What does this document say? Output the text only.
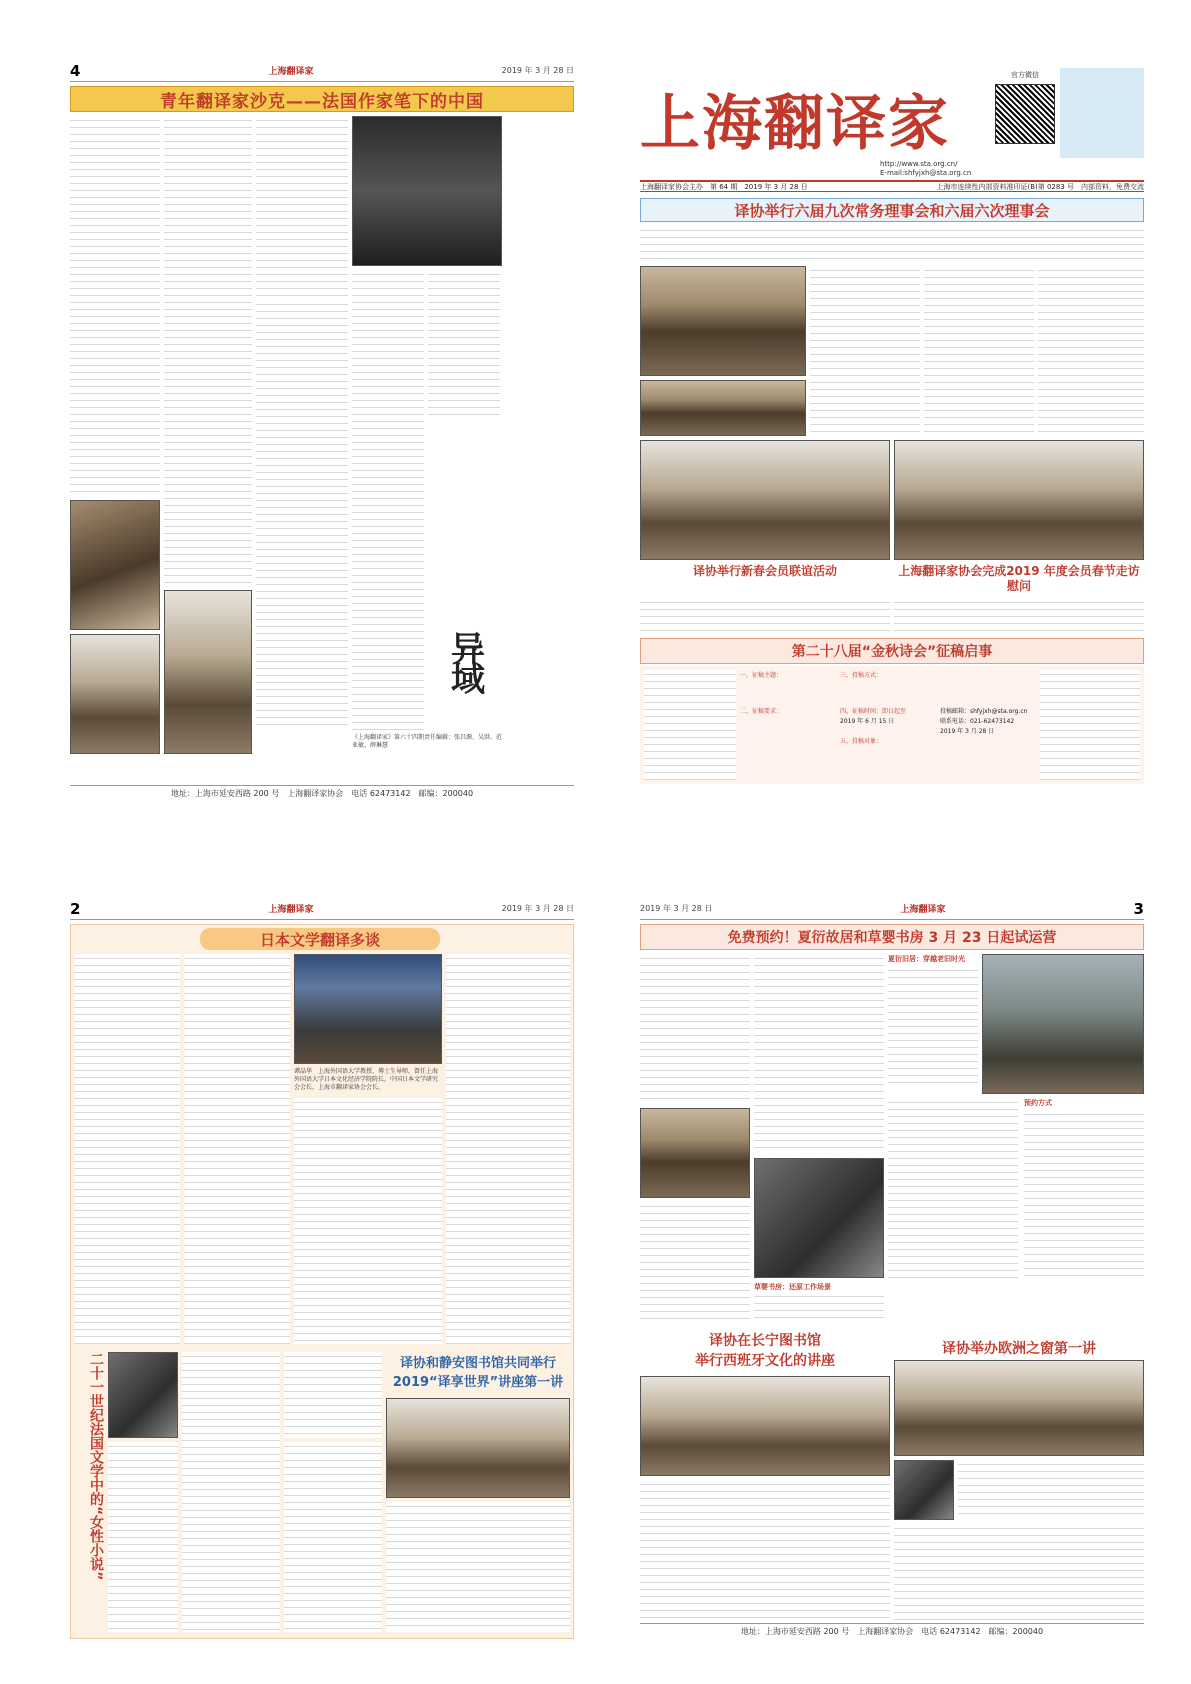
4	上海翻译家	2019 年 3 月 28 日
青年翻译家沙克——法国作家笔下的中国
异域
《上海翻译家》第六十四期责任编辑：张昌源、吴洪、范亚敏、薛琳慧
地址：上海市延安西路 200 号　上海翻译家协会　电话 62473142　邮编：200040
上海翻译家
官方微信
http://www.sta.org.cn/
E-mail:shfyjxh@sta.org.cn
上海翻译家协会主办　第 64 期　2019 年 3 月 28 日	上海市连续性内部资料准印证(B)第 0283 号　内部资料，免费交流
译协举行六届九次常务理事会和六届六次理事会
译协举行新春会员联谊活动	上海翻译家协会完成2019 年度会员春节走访慰问
第二十八届“金秋诗会”征稿启事
一、征稿主题：
二、征稿要求：
三、投稿方式：
四、征稿时间：即日起至
2019 年 6 月 15 日
五、投稿对象：
投稿邮箱：shfyjxh@sta.org.cn
联系电话：021-62473142
2019 年 3 月 28 日
2	上海翻译家	2019 年 3 月 28 日
日本文学翻译多谈
谭晶华　上海外国语大学教授、博士生导师，曾任上海外国语大学日本文化经济学院院长，中国日本文学研究会会长，上海市翻译家协会会长。
二十一世纪法国文学中的“女性小说”	译协和静安图书馆共同举行
2019“译享世界”讲座第一讲
2019 年 3 月 28 日	上海翻译家	3
免费预约！夏衍故居和草婴书房 3 月 23 日起试运营
草婴书房：还原工作场景
夏衍旧居：穿越老旧时光
预约方式
译协在长宁图书馆
举行西班牙文化的讲座
译协举办欧洲之窗第一讲
地址：上海市延安西路 200 号　上海翻译家协会　电话 62473142　邮编：200040
